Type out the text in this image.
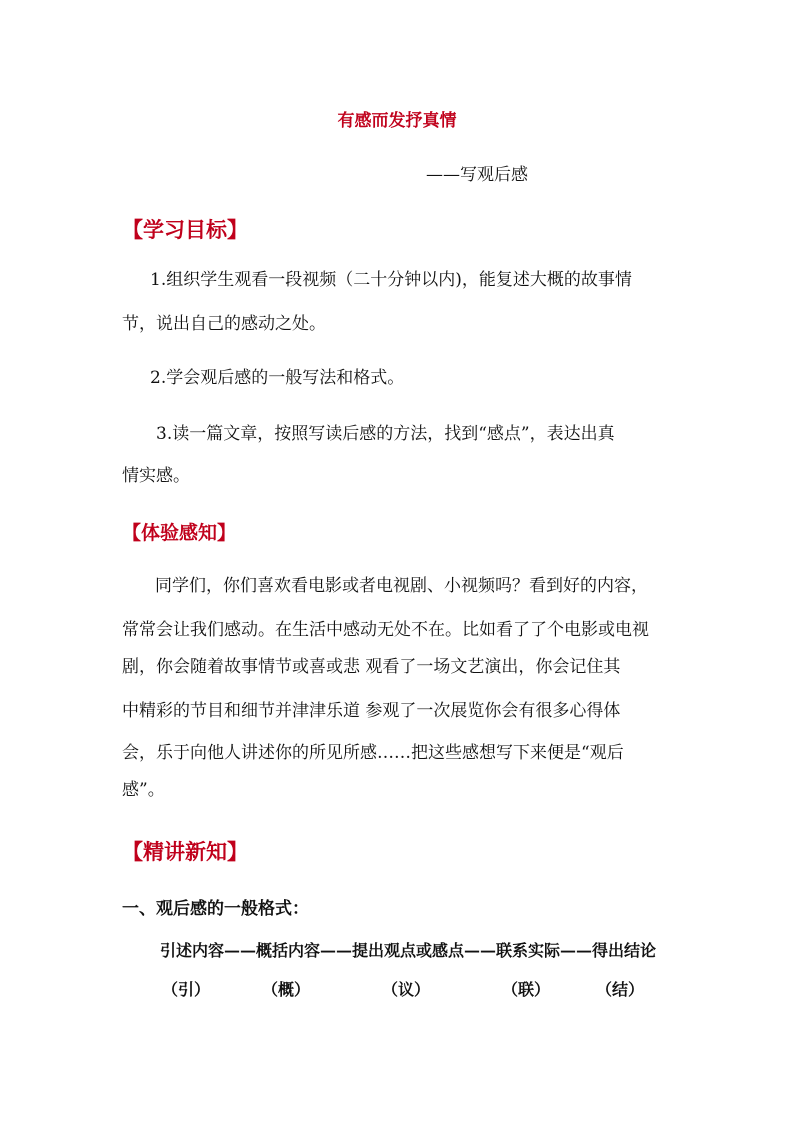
有感而发抒真情
——写观后感
【学习目标】
1.组织学生观看一段视频（二十分钟以内)，能复述大概的故事情
节，说出自己的感动之处。
2.学会观后感的一般写法和格式。
3.读一篇文章，按照写读后感的方法，找到“感点”，表达出真
情实感。
【体验感知】
同学们，你们喜欢看电影或者电视剧、小视频吗？看到好的内容，
常常会让我们感动。在生活中感动无处不在。比如看了了个电影或电视
剧，你会随着故事情节或喜或悲 观看了一场文艺演出，你会记住其
中精彩的节目和细节并津津乐道 参观了一次展览你会有很多心得体
会，乐于向他人讲述你的所见所感……把这些感想写下来便是“观后
感”。
【精讲新知】
一、观后感的一般格式：
引述内容——概括内容——提出观点或感点——联系实际——得出结论
（引）	（概）	（议）	（联）	（结）
